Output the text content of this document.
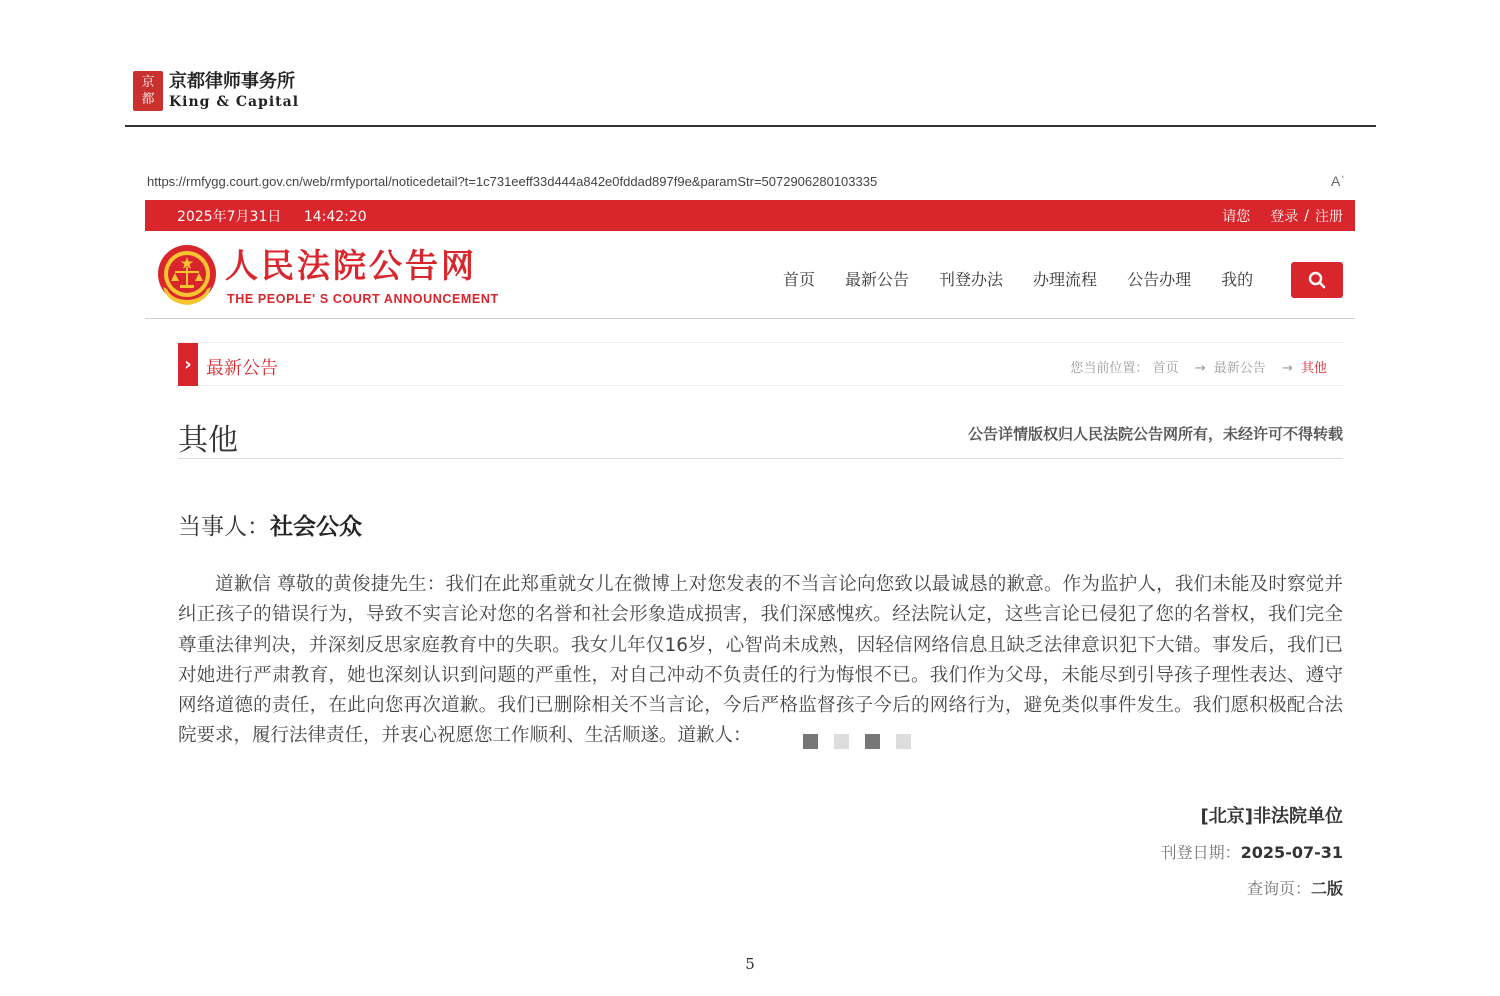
京
都
京都律师事务所
King & Capital
https://rmfygg.court.gov.cn/web/rmfyportal/noticedetail?t=1c731eeff33d444a842e0fddad897f9e&paramStr=5072906280103335	Aʾ
2025年7月31日 14:42:20	请您 登录 / 注册
人民法院公告网
THE PEOPLE' S COURT ANNOUNCEMENT
首页 最新公告 刊登办法 办理流程 公告办理 我的
› 最新公告	您当前位置： 首页 → 最新公告 → 其他
其他	公告详情版权归人民法院公告网所有，未经许可不得转载
当事人：社会公众
道歉信 尊敬的黄俊捷先生：我们在此郑重就女儿在微博上对您发表的不当言论向您致以最诚恳的歉意。作为监护人，我们未能及时察觉并纠正孩子的错误行为，导致不实言论对您的名誉和社会形象造成损害，我们深感愧疚。经法院认定，这些言论已侵犯了您的名誉权，我们完全尊重法律判决，并深刻反思家庭教育中的失职。我女儿年仅16岁，心智尚未成熟，因轻信网络信息且缺乏法律意识犯下大错。事发后，我们已对她进行严肃教育，她也深刻认识到问题的严重性，对自己冲动不负责任的行为悔恨不已。我们作为父母，未能尽到引导孩子理性表达、遵守网络道德的责任，在此向您再次道歉。我们已删除相关不当言论，今后严格监督孩子今后的网络行为，避免类似事件发生。我们愿积极配合法院要求，履行法律责任，并衷心祝愿您工作顺利、生活顺遂。道歉人：
[北京]非法院单位
刊登日期：2025-07-31
查询页：二版
5
